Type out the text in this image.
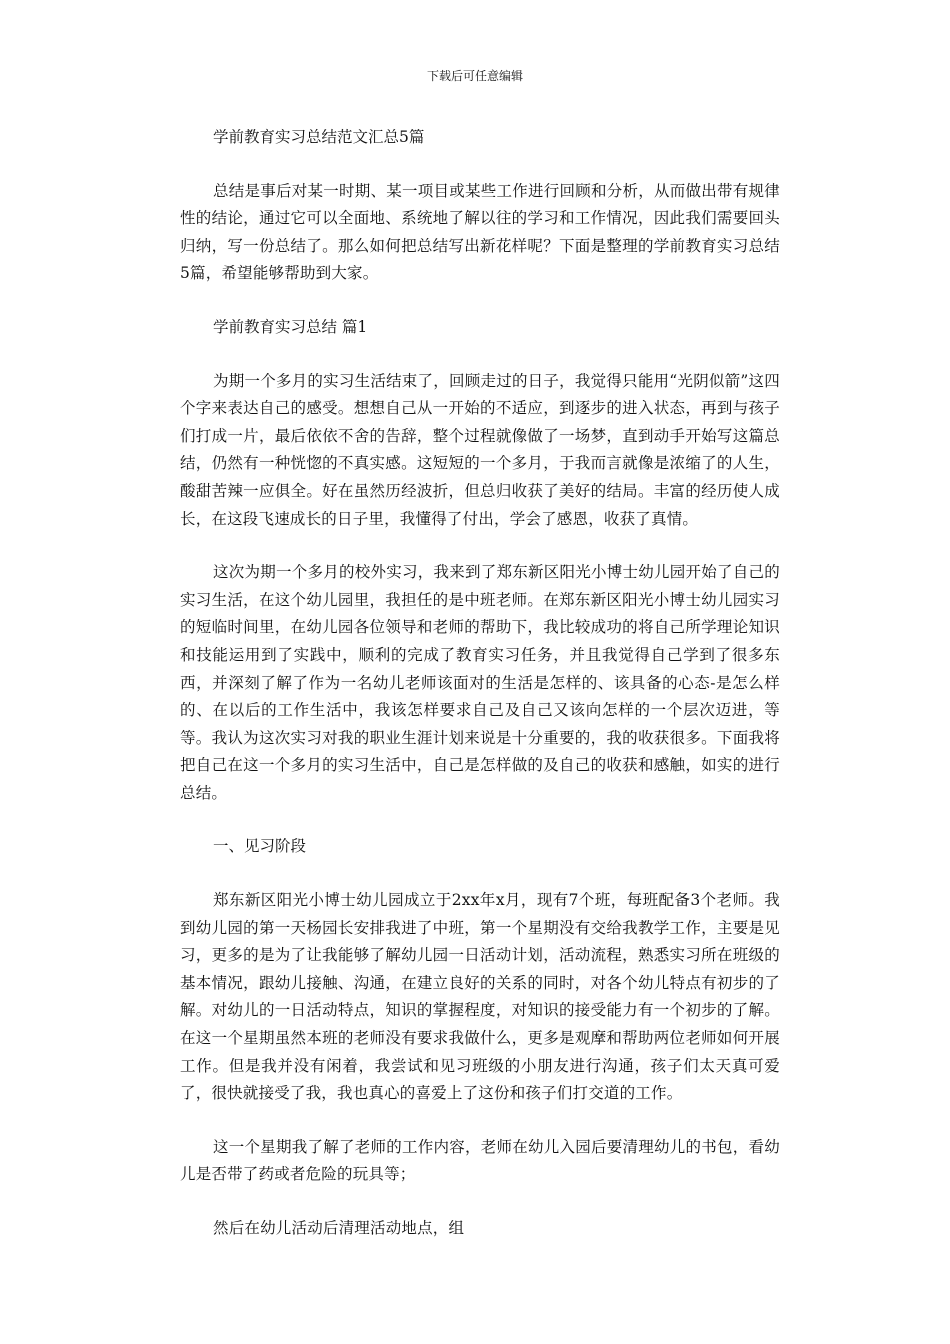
下载后可任意编辑

学前教育实习总结范文汇总5篇

总结是事后对某一时期、某一项目或某些工作进行回顾和分析，从而做出带有规律性的结论，通过它可以全面地、系统地了解以往的学习和工作情况，因此我们需要回头归纳，写一份总结了。那么如何把总结写出新花样呢？下面是整理的学前教育实习总结5篇，希望能够帮助到大家。

学前教育实习总结 篇1

为期一个多月的实习生活结束了，回顾走过的日子，我觉得只能用“光阴似箭”这四个字来表达自己的感受。想想自己从一开始的不适应，到逐步的进入状态，再到与孩子们打成一片，最后依依不舍的告辞，整个过程就像做了一场梦，直到动手开始写这篇总结，仍然有一种恍惚的不真实感。这短短的一个多月，于我而言就像是浓缩了的人生，酸甜苦辣一应俱全。好在虽然历经波折，但总归收获了美好的结局。丰富的经历使人成长，在这段飞速成长的日子里，我懂得了付出，学会了感恩，收获了真情。

这次为期一个多月的校外实习，我来到了郑东新区阳光小博士幼儿园开始了自己的实习生活，在这个幼儿园里，我担任的是中班老师。在郑东新区阳光小博士幼儿园实习的短临时间里，在幼儿园各位领导和老师的帮助下，我比较成功的将自己所学理论知识和技能运用到了实践中，顺利的完成了教育实习任务，并且我觉得自己学到了很多东西，并深刻了解了作为一名幼儿老师该面对的生活是怎样的、该具备的心态-是怎么样的、在以后的工作生活中，我该怎样要求自己及自己又该向怎样的一个层次迈进，等等。我认为这次实习对我的职业生涯计划来说是十分重要的，我的收获很多。下面我将把自己在这一个多月的实习生活中，自己是怎样做的及自己的收获和感触，如实的进行总结。

一、见习阶段

郑东新区阳光小博士幼儿园成立于2xx年x月，现有7个班，每班配备3个老师。我到幼儿园的第一天杨园长安排我进了中班，第一个星期没有交给我教学工作，主要是见习，更多的是为了让我能够了解幼儿园一日活动计划，活动流程，熟悉实习所在班级的基本情况，跟幼儿接触、沟通，在建立良好的关系的同时，对各个幼儿特点有初步的了解。对幼儿的一日活动特点，知识的掌握程度，对知识的接受能力有一个初步的了解。在这一个星期虽然本班的老师没有要求我做什么，更多是观摩和帮助两位老师如何开展工作。但是我并没有闲着，我尝试和见习班级的小朋友进行沟通，孩子们太天真可爱了，很快就接受了我，我也真心的喜爱上了这份和孩子们打交道的工作。

这一个星期我了解了老师的工作内容，老师在幼儿入园后要清理幼儿的书包，看幼儿是否带了药或者危险的玩具等；

然后在幼儿活动后清理活动地点，组
